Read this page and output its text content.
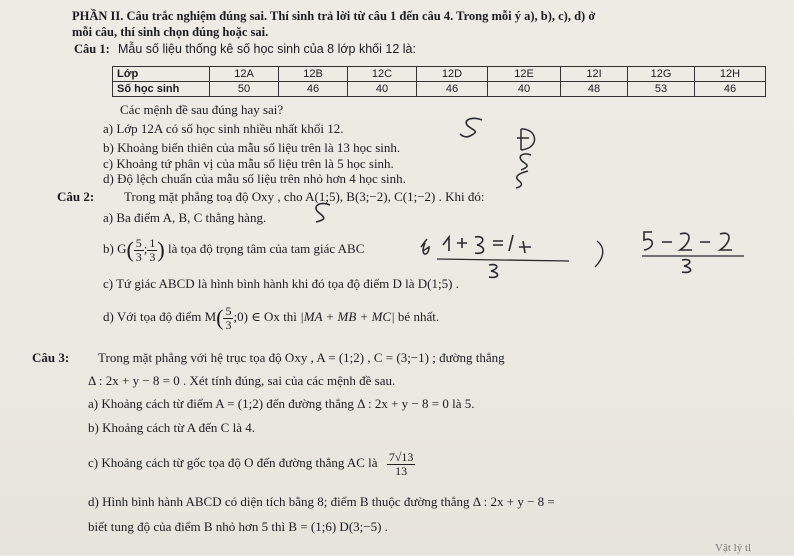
PHẦN II. Câu trắc nghiệm đúng sai. Thí sinh trả lời từ câu 1 đến câu 4. Trong mỗi ý a), b), c), d) ở
mỗi câu, thí sinh chọn đúng hoặc sai.
Câu 1: Mẫu số liệu thống kê số học sinh của 8 lớp khối 12 là:
Lớp	12A	12B	12C	12D	12E	12I	12G	12H
Số học sinh	50	46	40	46	40	48	53	46
Các mệnh đề sau đúng hay sai?
a) Lớp 12A có số học sinh nhiều nhất khối 12.
b) Khoảng biến thiên của mẫu số liệu trên là 13 học sinh.
c) Khoảng tứ phân vị của mẫu số liệu trên là 5 học sinh.
d) Độ lệch chuẩn của mẫu số liệu trên nhỏ hơn 4 học sinh.
Câu 2: Trong mặt phẳng toạ độ Oxy , cho A(1;5), B(3;−2), C(1;−2) . Khi đó:
a) Ba điểm A, B, C thẳng hàng.
b) $G( \frac{5}{3}$ ; $\frac{1}{3}$ ) là tọa độ trọng tâm của tam giác ABC
c) Tứ giác ABCD là hình bình hành khi đó tọa độ điểm D là D(1;5) .
d) Với tọa độ điểm $M( \frac{5}{3}$ ;0) ∈ Ox thì |MA + MB + MC| bé nhất.
Câu 3: Trong mặt phẳng với hệ trục tọa độ Oxy , A = (1;2) , C = (3;−1) ; đường thẳng
Δ : 2x + y − 8 = 0 . Xét tính đúng, sai của các mệnh đề sau.
a) Khoảng cách từ điểm A = (1;2) đến đường thẳng Δ : 2x + y − 8 = 0 là 5.
b) Khoảng cách từ A đến C là 4.
c) Khoảng cách từ gốc tọa độ O đến đường thẳng AC là $\frac{7√13}{13}$
d) Hình bình hành ABCD có diện tích bằng 8; điểm B thuộc đường thẳng Δ : 2x + y − 8 =
biết tung độ của điểm B nhỏ hơn 5 thì B = (1;6) D(3;−5) .
Vật lý tl
